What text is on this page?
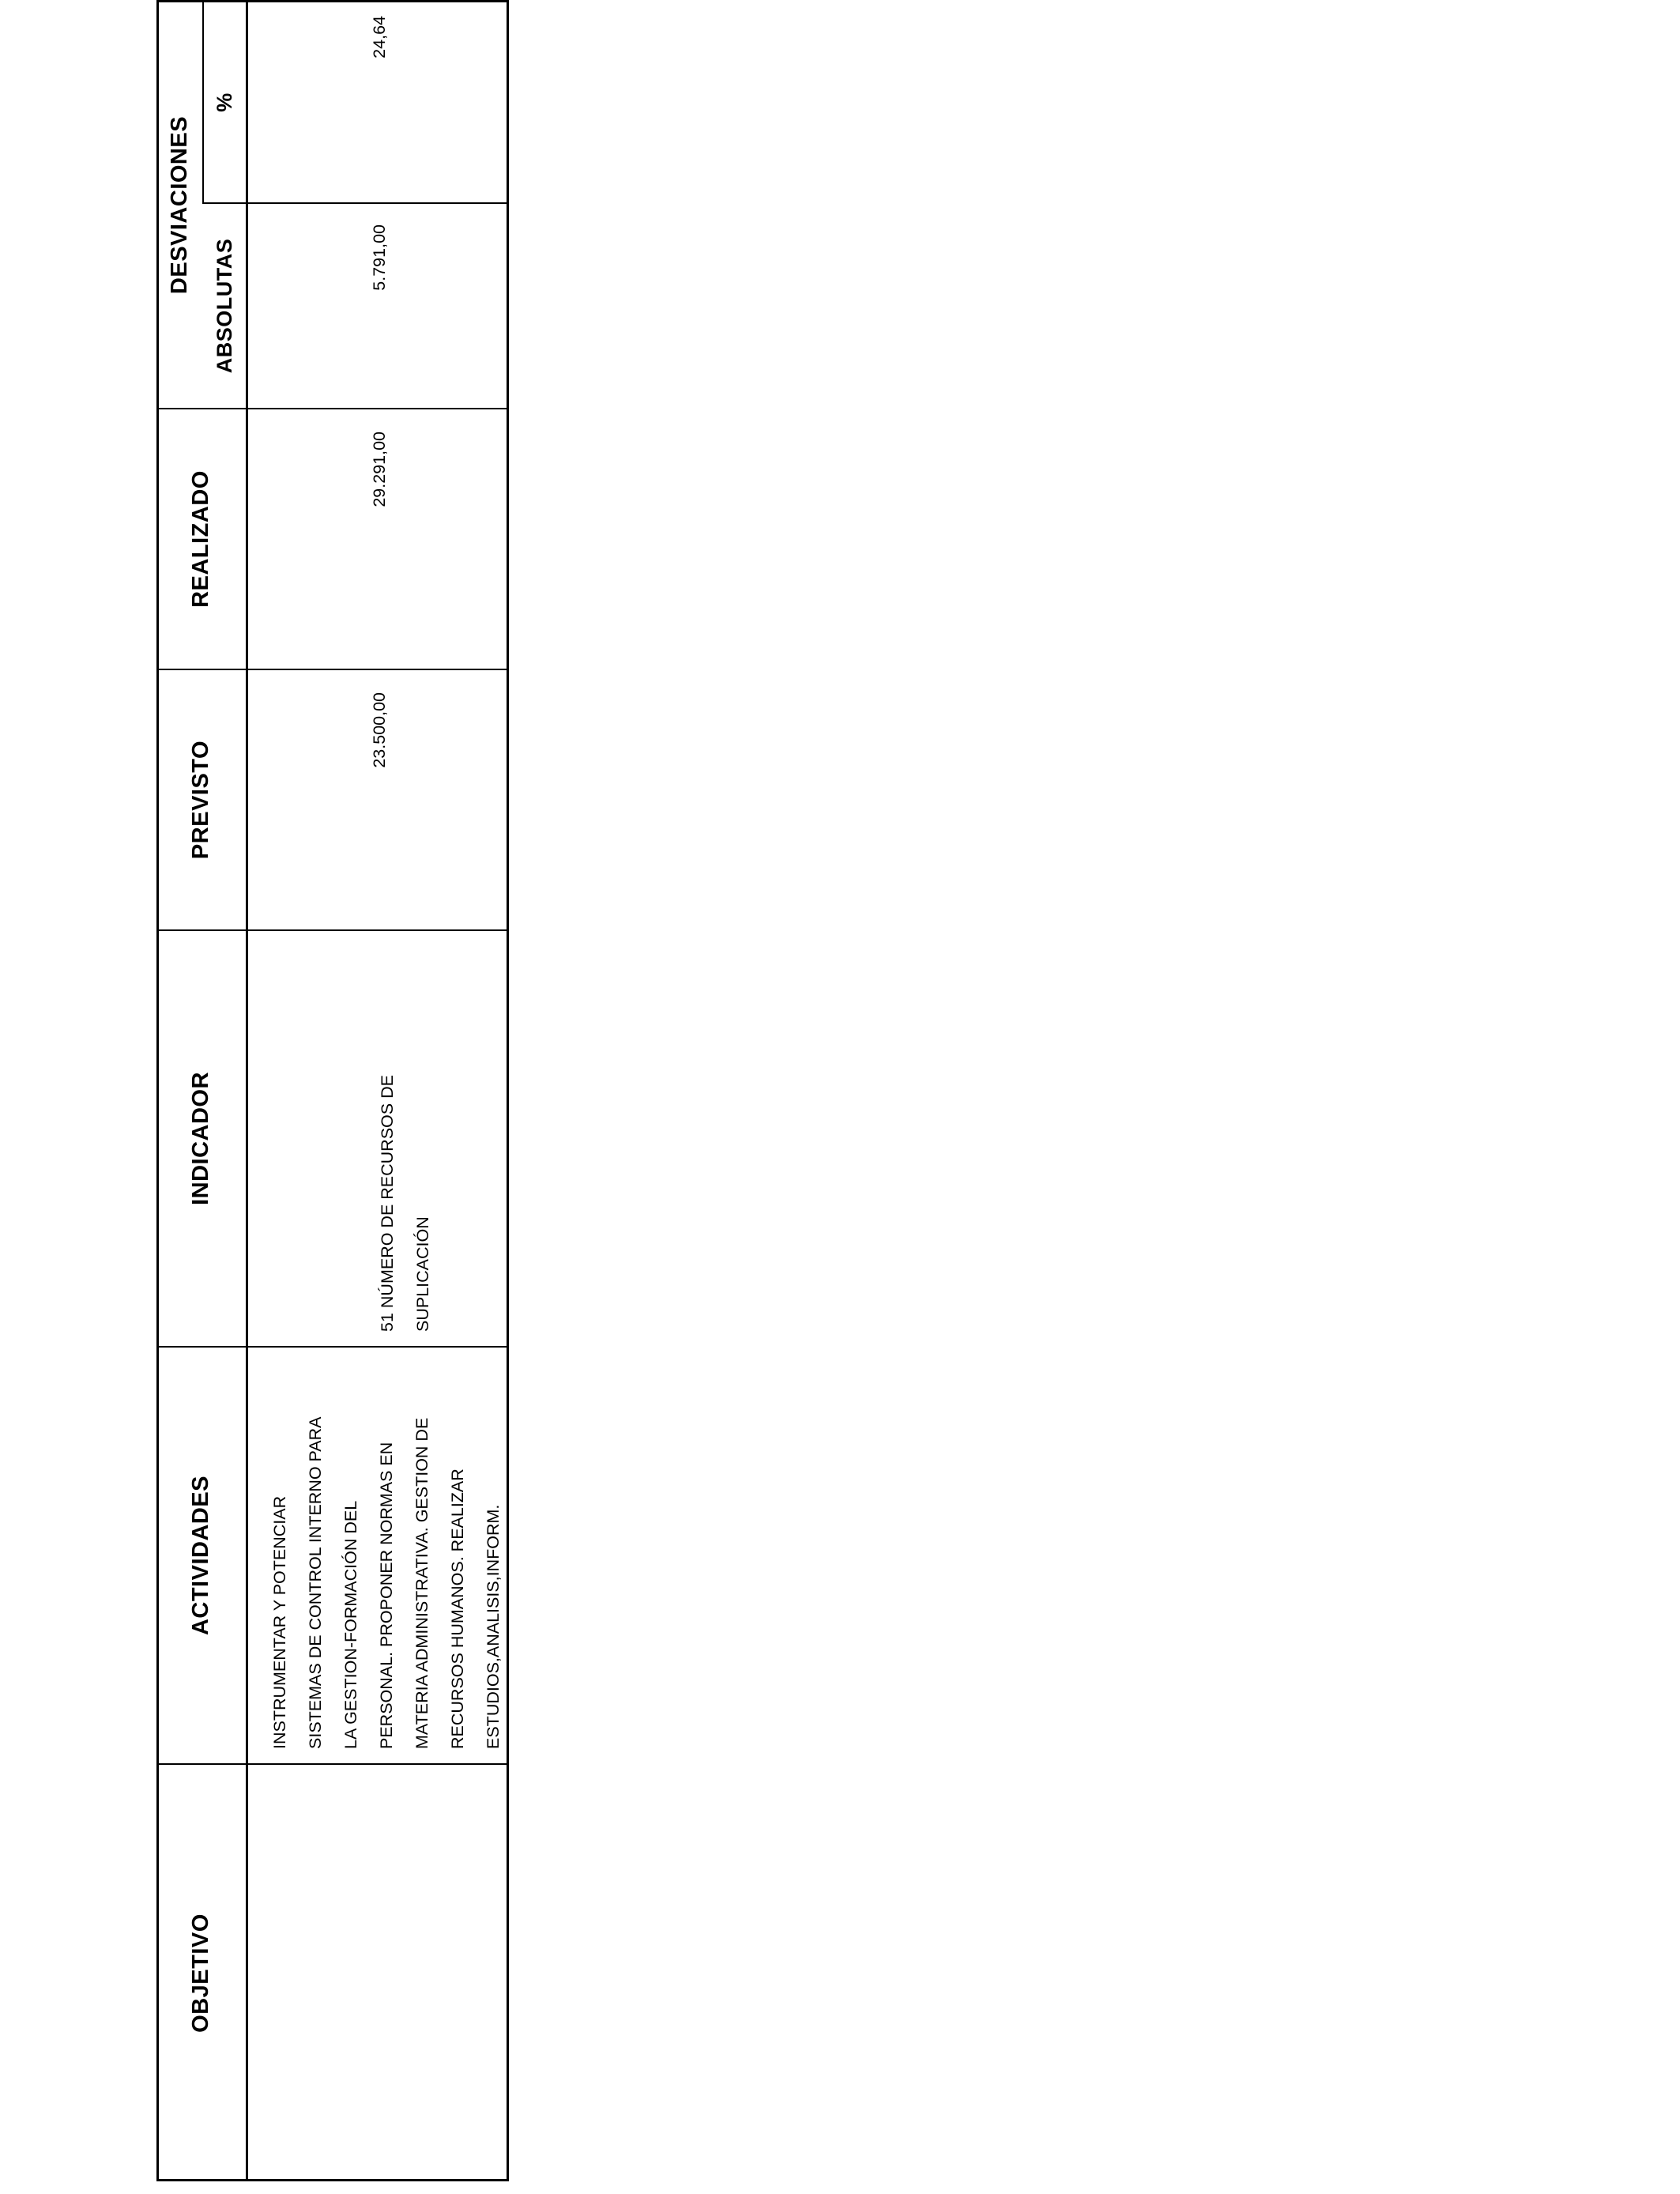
OBJETIVO
ACTIVIDADES
INDICADOR
PREVISTO
REALIZADO
DESVIACIONES
ABSOLUTAS
%
INSTRUMENTAR Y POTENCIAR SISTEMAS DE CONTROL INTERNO PARA LA GESTION-FORMACIÓN DEL PERSONAL. PROPONER NORMAS EN MATERIA ADMINISTRATIVA. GESTION DE RECURSOS HUMANOS. REALIZAR ESTUDIOS,ANALISIS,INFORM.
51 NÚMERO DE RECURSOS DE SUPLICACIÓN
23.500,00
29.291,00
5.791,00
24,64
